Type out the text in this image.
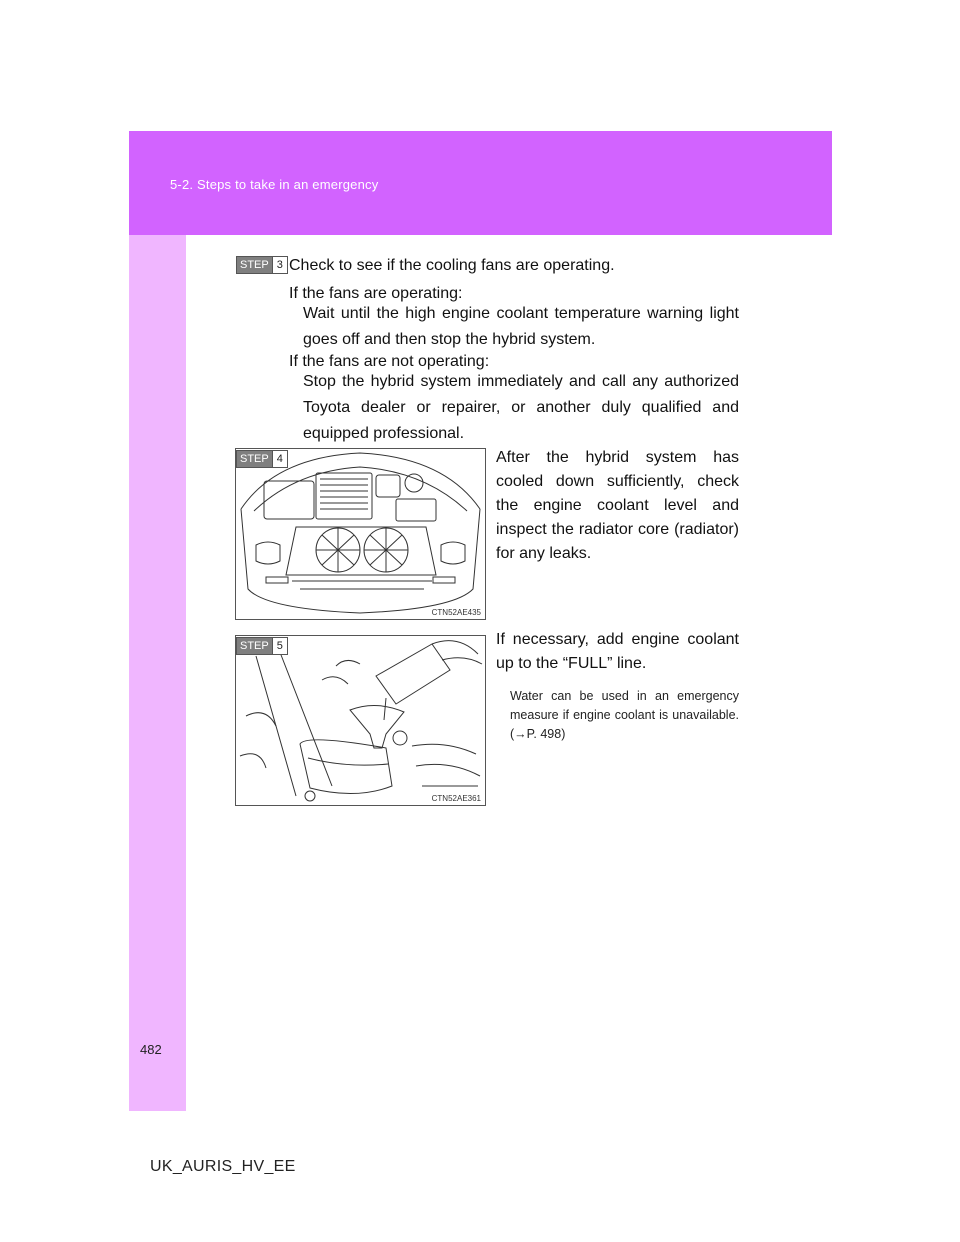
5-2. Steps to take in an emergency
STEP 3 Check to see if the cooling fans are operating.
If the fans are operating:
Wait until the high engine coolant temperature warning light goes off and then stop the hybrid system.
If the fans are not operating:
Stop the hybrid system immediately and call any authorized Toyota dealer or repairer, or another duly qualified and equipped professional.
CTN52AE435
STEP 4	After the hybrid system has cooled down sufficiently, check the engine coolant level and inspect the radiator core (radiator) for any leaks.
CTN52AE361
STEP 5	If necessary, add engine coolant up to the “FULL” line.
Water can be used in an emergency measure if engine coolant is unavailable. (→P. 498)
482
UK_AURIS_HV_EE
